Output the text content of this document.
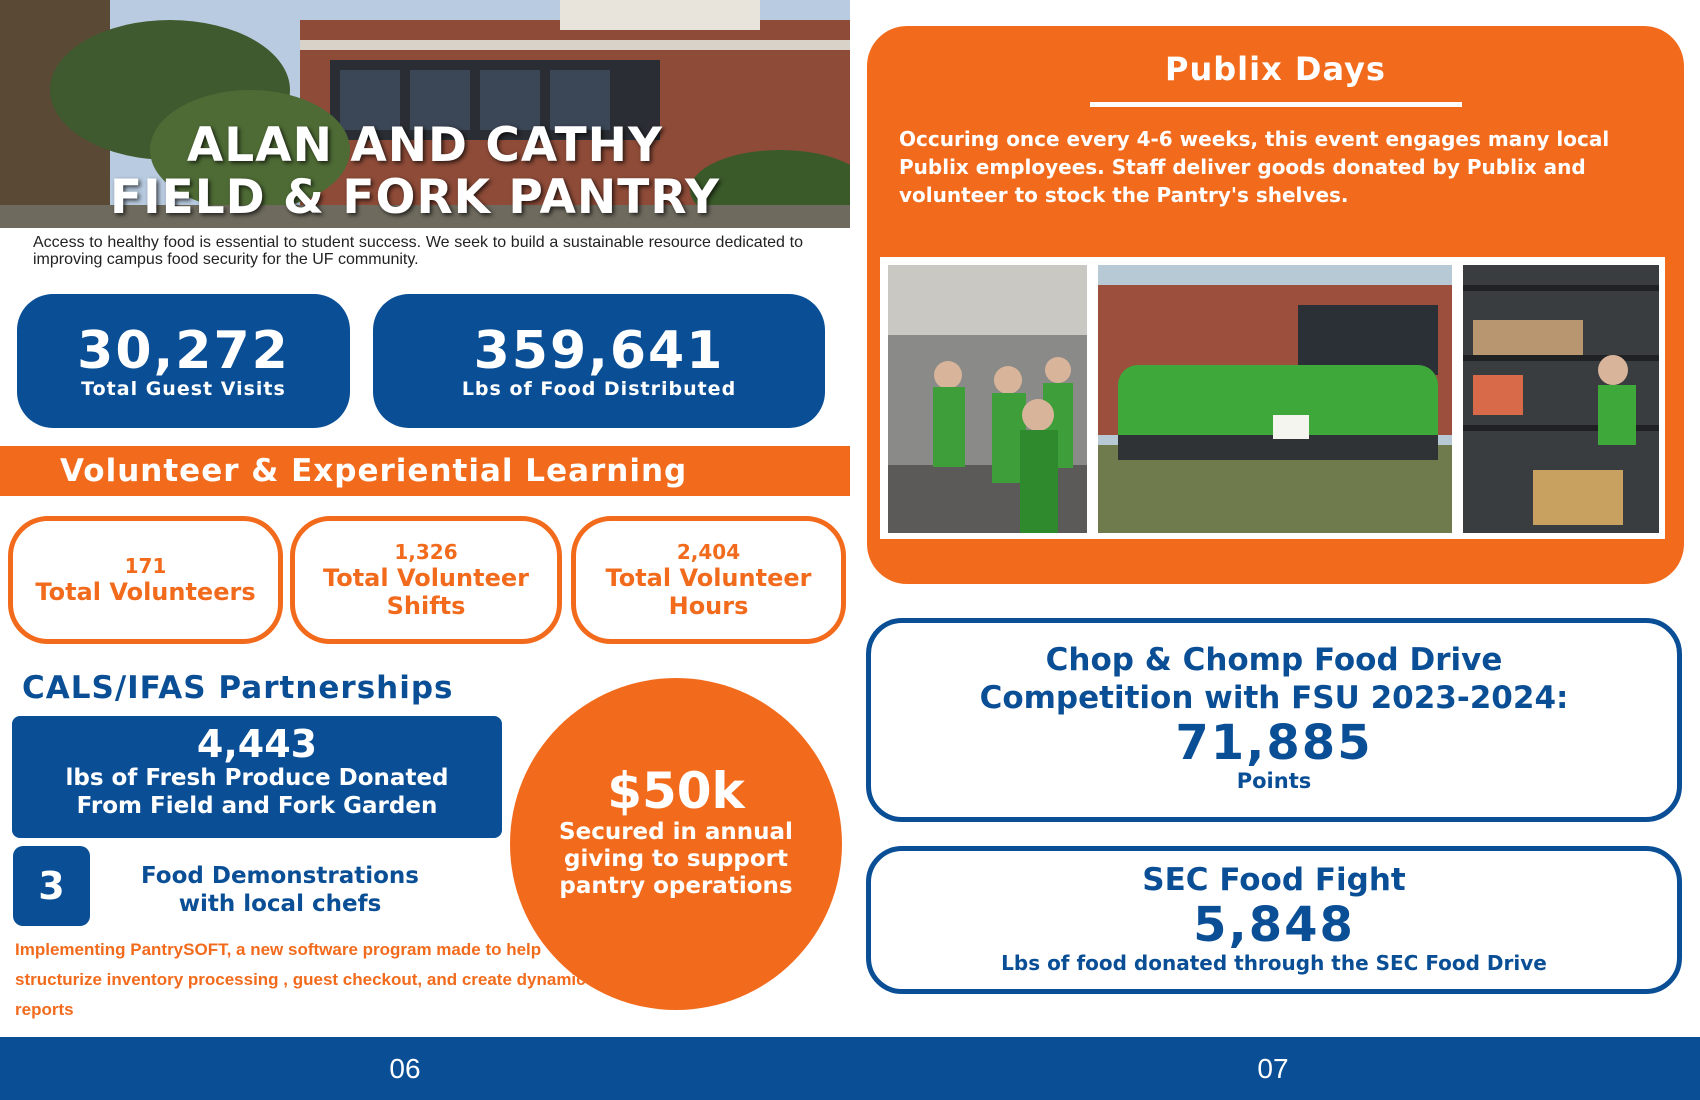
ALAN AND CATHY
FIELD & FORK PANTRY
Access to healthy food is essential to student success. We seek to build a sustainable resource dedicated to improving campus food security for the UF community.
30,272
Total Guest Visits
359,641
Lbs of Food Distributed
Volunteer & Experiential Learning
171
Total Volunteers
1,326
Total Volunteer Shifts
2,404
Total Volunteer Hours
CALS/IFAS Partnerships
4,443
lbs of Fresh Produce Donated From Field and Fork Garden
3	Food Demonstrations with local chefs
$50k
Secured in annual giving to support pantry operations
Implementing PantrySOFT, a new software program made to help structurize inventory processing , guest checkout, and create dynamic reports
Publix Days
Occuring once every 4-6 weeks, this event engages many local Publix employees. Staff deliver goods donated by Publix and volunteer to stock the Pantry's shelves.
Chop & Chomp Food Drive
Competition with FSU 2023-2024:
71,885
Points
SEC Food Fight
5,848
Lbs of food donated through the SEC Food Drive
06	07
